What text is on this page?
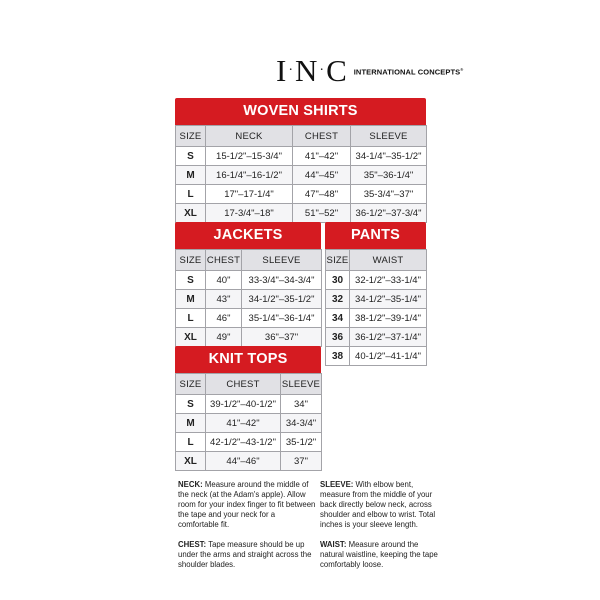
I·N·C INTERNATIONAL CONCEPTS®
WOVEN SHIRTS
SIZE	NECK	CHEST	SLEEVE
S	15-1/2"–15-3/4"	41"–42"	34-1/4"–35-1/2"
M	16-1/4"–16-1/2"	44"–45"	35"–36-1/4"
L	17"–17-1/4"	47"–48"	35-3/4"–37"
XL	17-3/4"–18"	51"–52"	36-1/2"–37-3/4"
JACKETS
SIZE	CHEST	SLEEVE
S	40"	33-3/4"–34-3/4"
M	43"	34-1/2"–35-1/2"
L	46"	35-1/4"–36-1/4"
XL	49"	36"–37"
PANTS
SIZE	WAIST
30	32-1/2"–33-1/4"
32	34-1/2"–35-1/4"
34	38-1/2"–39-1/4"
36	36-1/2"–37-1/4"
38	40-1/2"–41-1/4"
KNIT TOPS
SIZE	CHEST	SLEEVE
S	39-1/2"–40-1/2"	34"
M	41"–42"	34-3/4"
L	42-1/2"–43-1/2"	35-1/2"
XL	44"–46"	37"

NECK: Measure around the middle of the neck (at the Adam's apple). Allow room for your index finger to fit between the tape and your neck for a comfortable fit.

CHEST: Tape measure should be up under the arms and straight across the shoulder blades.

SLEEVE: With elbow bent, measure from the middle of your back directly below neck, across shoulder and elbow to wrist. Total inches is your sleeve length.

WAIST: Measure around the natural waistline, keeping the tape comfortably loose.
